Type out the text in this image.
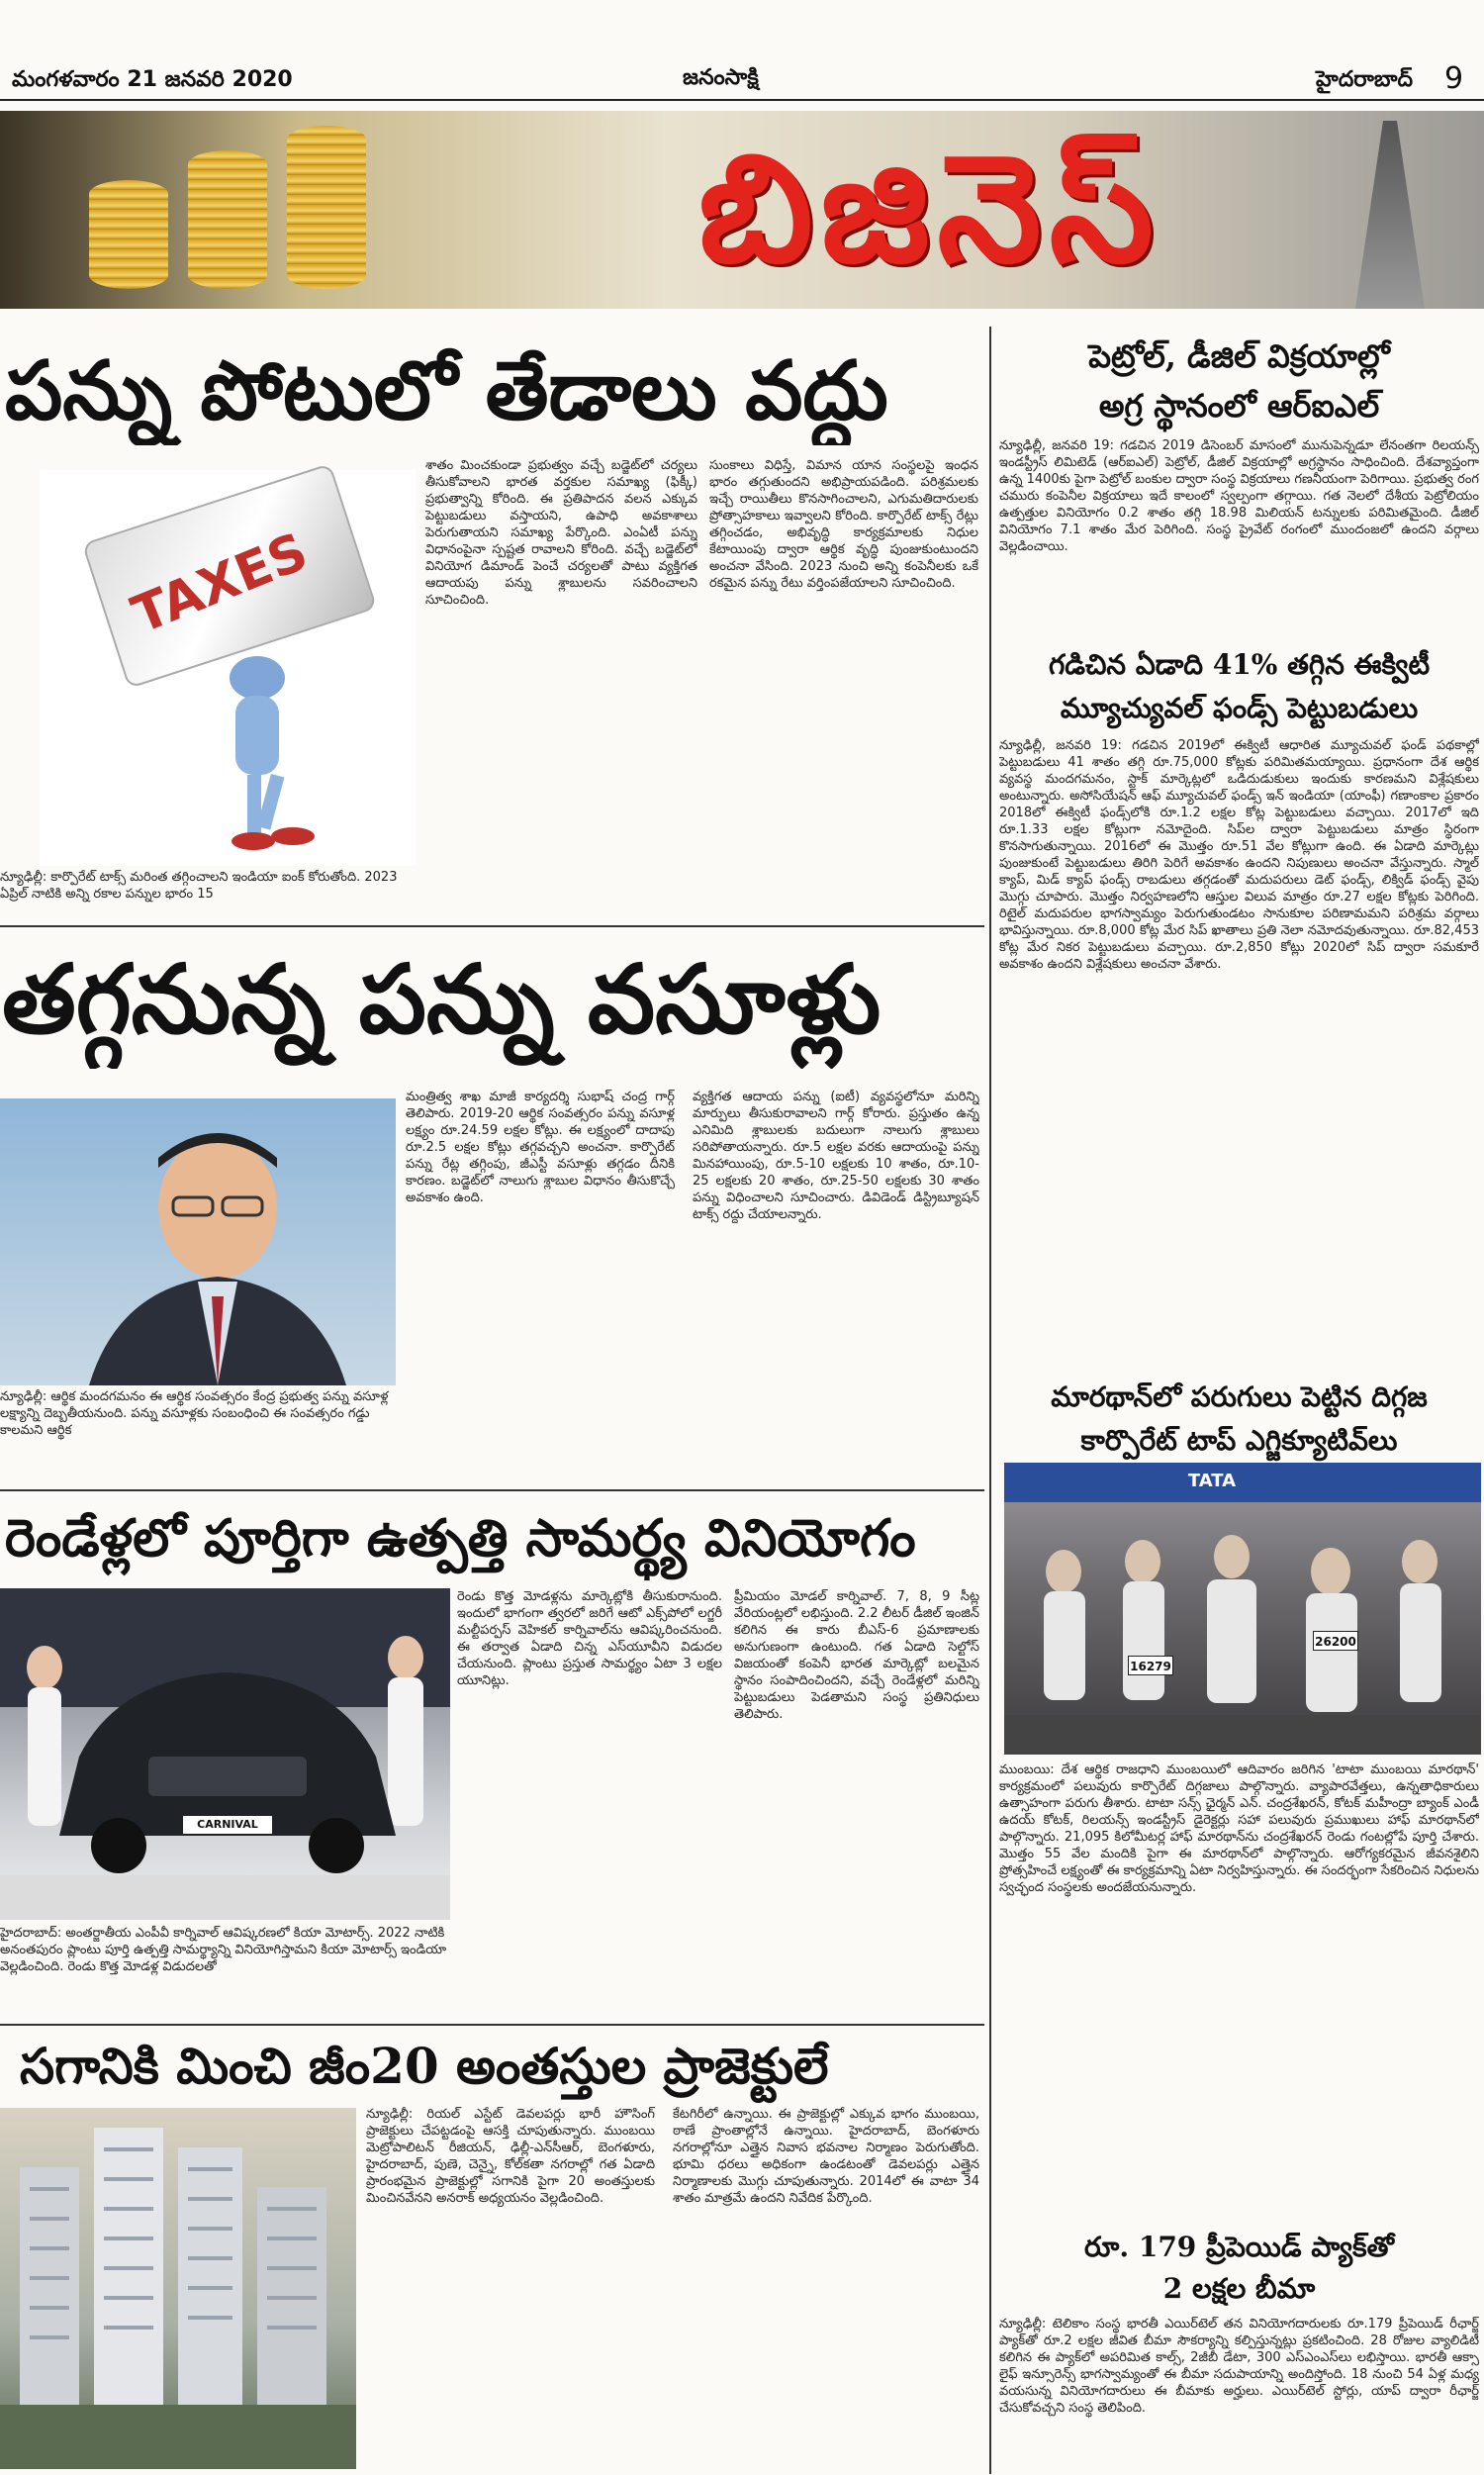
మంగళవారం 21 జనవరి 2020	జనంసాక్షి	హైదరాబాద్ 9
బిజినెస్
పన్ను పోటులో తేడాలు వద్దు
TAXES
న్యూఢిల్లీ: కార్పొరేట్ టాక్స్ మరింత తగ్గించాలని ఇండియా ఐంక్ కోరుతోంది. 2023 ఏప్రిల్ నాటికి అన్ని రకాల పన్నుల భారం 15
శాతం మించకుండా ప్రభుత్వం వచ్చే బడ్జెట్‌లో చర్యలు తీసుకోవాలని భారత వర్తకుల సమాఖ్య (ఫిక్కీ) ప్రభుత్వాన్ని కోరింది. ఈ ప్రతిపాదన వలన ఎక్కువ పెట్టుబడులు వస్తాయని, ఉపాధి అవకాశాలు పెరుగుతాయని సమాఖ్య పేర్కొంది. ఎంఏటీ పన్ను విధానంపైనా స్పష్టత రావాలని కోరింది. వచ్చే బడ్జెట్‌లో వినియోగ డిమాండ్ పెంచే చర్యలతో పాటు వ్యక్తిగత ఆదాయపు పన్ను శ్లాబులను సవరించాలని సూచించింది.
సుంకాలు విధిస్తే, విమాన యాన సంస్థలపై ఇంధన భారం తగ్గుతుందని అభిప్రాయపడింది. పరిశ్రమలకు ఇచ్చే రాయితీలు కొనసాగించాలని, ఎగుమతిదారులకు ప్రోత్సాహకాలు ఇవ్వాలని కోరింది. కార్పొరేట్ టాక్స్ రేట్లు తగ్గించడం, అభివృద్ధి కార్యక్రమాలకు నిధుల కేటాయింపు ద్వారా ఆర్థిక వృద్ధి పుంజుకుంటుందని అంచనా వేసింది. 2023 నుంచి అన్ని కంపెనీలకు ఒకే రకమైన పన్ను రేటు వర్తింపజేయాలని సూచించింది.
తగ్గనున్న పన్ను వసూళ్లు
న్యూఢిల్లీ: ఆర్థిక మందగమనం ఈ ఆర్థిక సంవత్సరం కేంద్ర ప్రభుత్వ పన్ను వసూళ్ల లక్ష్యాన్ని దెబ్బతీయనుంది. పన్ను వసూళ్లకు సంబంధించి ఈ సంవత్సరం గడ్డు కాలమని ఆర్థిక
మంత్రిత్వ శాఖ మాజీ కార్యదర్శి సుభాష్ చంద్ర గార్గ్ తెలిపారు. 2019-20 ఆర్థిక సంవత్సరం పన్ను వసూళ్ల లక్ష్యం రూ.24.59 లక్షల కోట్లు. ఈ లక్ష్యంలో దాదాపు రూ.2.5 లక్షల కోట్లు తగ్గవచ్చని అంచనా. కార్పొరేట్ పన్ను రేట్ల తగ్గింపు, జీఎస్టీ వసూళ్లు తగ్గడం దీనికి కారణం. బడ్జెట్‌లో నాలుగు శ్లాబుల విధానం తీసుకొచ్చే అవకాశం ఉంది.
వ్యక్తిగత ఆదాయ పన్ను (ఐటీ) వ్యవస్థలోనూ మరిన్ని మార్పులు తీసుకురావాలని గార్గ్ కోరారు. ప్రస్తుతం ఉన్న ఎనిమిది శ్లాబులకు బదులుగా నాలుగు శ్లాబులు సరిపోతాయన్నారు. రూ.5 లక్షల వరకు ఆదాయంపై పన్ను మినహాయింపు, రూ.5-10 లక్షలకు 10 శాతం, రూ.10-25 లక్షలకు 20 శాతం, రూ.25-50 లక్షలకు 30 శాతం పన్ను విధించాలని సూచించారు. డివిడెండ్ డిస్ట్రిబ్యూషన్ టాక్స్ రద్దు చేయాలన్నారు.
రెండేళ్లలో పూర్తిగా ఉత్పత్తి సామర్థ్య వినియోగం
CARNIVAL
హైదరాబాద్: అంతర్జాతీయ ఎంపీవీ కార్నివాల్ ఆవిష్కరణలో కియా మోటార్స్. 2022 నాటికి అనంతపురం ప్లాంటు పూర్తి ఉత్పత్తి సామర్థ్యాన్ని వినియోగిస్తామని కియా మోటార్స్ ఇండియా వెల్లడించింది. రెండు కొత్త మోడళ్ల విడుదలతో
రెండు కొత్త మోడళ్లను మార్కెట్లోకి తీసుకురానుంది. ఇందులో భాగంగా త్వరలో జరిగే ఆటో ఎక్స్‌పోలో లగ్జరీ మల్టీపర్పస్ వెహికల్ కార్నివాల్‌ను ఆవిష్కరించనుంది. ఈ తర్వాత ఏడాది చిన్న ఎస్‌యూవీని విడుదల చేయనుంది. ప్లాంటు ప్రస్తుత సామర్థ్యం ఏటా 3 లక్షల యూనిట్లు.
ప్రీమియం మోడల్ కార్నివాల్. 7, 8, 9 సీట్ల వేరియంట్లలో లభిస్తుంది. 2.2 లీటర్ డీజిల్ ఇంజిన్ కలిగిన ఈ కారు బీఎస్-6 ప్రమాణాలకు అనుగుణంగా ఉంటుంది. గత ఏడాది సెల్టోస్ విజయంతో కంపెనీ భారత మార్కెట్లో బలమైన స్థానం సంపాదించిందని, వచ్చే రెండేళ్లలో మరిన్ని పెట్టుబడులు పెడతామని సంస్థ ప్రతినిధులు తెలిపారు.
సగానికి మించి జీం20 అంతస్తుల ప్రాజెక్టులే
న్యూఢిల్లీ: రియల్ ఎస్టేట్ డెవలపర్లు భారీ హౌసింగ్ ప్రాజెక్టులు చేపట్టడంపై ఆసక్తి చూపుతున్నారు. ముంబయి మెట్రోపాలిటన్ రీజియన్, ఢిల్లీ-ఎన్‌సీఆర్, బెంగళూరు, హైదరాబాద్, పుణె, చెన్నై, కోల్‌కతా నగరాల్లో గత ఏడాది ప్రారంభమైన ప్రాజెక్టుల్లో సగానికి పైగా 20 అంతస్తులకు మించినవేనని అనరాక్ అధ్యయనం వెల్లడించింది.
కేటగిరీలో ఉన్నాయి. ఈ ప్రాజెక్టుల్లో ఎక్కువ భాగం ముంబయి, ఠాణే ప్రాంతాల్లోనే ఉన్నాయి. హైదరాబాద్, బెంగళూరు నగరాల్లోనూ ఎత్తైన నివాస భవనాల నిర్మాణం పెరుగుతోంది. భూమి ధరలు అధికంగా ఉండటంతో డెవలపర్లు ఎత్తైన నిర్మాణాలకు మొగ్గు చూపుతున్నారు. 2014లో ఈ వాటా 34 శాతం మాత్రమే ఉందని నివేదిక పేర్కొంది.
పెట్రోల్, డీజిల్ విక్రయాల్లో
అగ్ర స్థానంలో ఆర్ఐఎల్
న్యూఢిల్లీ, జనవరి 19: గడచిన 2019 డిసెంబర్ మాసంలో మునుపెన్నడూ లేనంతగా రిలయన్స్ ఇండస్ట్రీస్ లిమిటెడ్ (ఆర్ఐఎల్) పెట్రోల్, డీజిల్ విక్రయాల్లో అగ్రస్థానం సాధించింది. దేశవ్యాప్తంగా ఉన్న 1400కు పైగా పెట్రోల్ బంకుల ద్వారా సంస్థ విక్రయాలు గణనీయంగా పెరిగాయి. ప్రభుత్వ రంగ చమురు కంపెనీల విక్రయాలు ఇదే కాలంలో స్వల్పంగా తగ్గాయి. గత నెలలో దేశీయ పెట్రోలియం ఉత్పత్తుల వినియోగం 0.2 శాతం తగ్గి 18.98 మిలియన్ టన్నులకు పరిమితమైంది. డీజిల్ వినియోగం 7.1 శాతం మేర పెరిగింది. సంస్థ ప్రైవేట్ రంగంలో ముందంజలో ఉందని వర్గాలు వెల్లడించాయి.
గడిచిన ఏడాది 41% తగ్గిన ఈక్విటీ
మ్యూచ్యువల్ ఫండ్స్ పెట్టుబడులు
న్యూఢిల్లీ, జనవరి 19: గడచిన 2019లో ఈక్విటీ ఆధారిత మ్యూచువల్ ఫండ్ పథకాల్లో పెట్టుబడులు 41 శాతం తగ్గి రూ.75,000 కోట్లకు పరిమితమయ్యాయి. ప్రధానంగా దేశ ఆర్థిక వ్యవస్థ మందగమనం, స్టాక్ మార్కెట్లలో ఒడిదుడుకులు ఇందుకు కారణమని విశ్లేషకులు అంటున్నారు. అసోసియేషన్ ఆఫ్ మ్యూచువల్ ఫండ్స్ ఇన్ ఇండియా (యాంఫీ) గణాంకాల ప్రకారం 2018లో ఈక్విటీ ఫండ్స్‌లోకి రూ.1.2 లక్షల కోట్ల పెట్టుబడులు వచ్చాయి. 2017లో ఇది రూ.1.33 లక్షల కోట్లుగా నమోదైంది. సిప్‌ల ద్వారా పెట్టుబడులు మాత్రం స్థిరంగా కొనసాగుతున్నాయి. 2016లో ఈ మొత్తం రూ.51 వేల కోట్లుగా ఉంది. ఈ ఏడాది మార్కెట్లు పుంజుకుంటే పెట్టుబడులు తిరిగి పెరిగే అవకాశం ఉందని నిపుణులు అంచనా వేస్తున్నారు. స్మాల్ క్యాప్, మిడ్ క్యాప్ ఫండ్స్ రాబడులు తగ్గడంతో మదుపరులు డెట్ ఫండ్స్, లిక్విడ్ ఫండ్స్ వైపు మొగ్గు చూపారు. మొత్తం నిర్వహణలోని ఆస్తుల విలువ మాత్రం రూ.27 లక్షల కోట్లకు పెరిగింది. రిటైల్ మదుపరుల భాగస్వామ్యం పెరుగుతుండటం సానుకూల పరిణామమని పరిశ్రమ వర్గాలు భావిస్తున్నాయి. రూ.8,000 కోట్ల మేర సిప్ ఖాతాలు ప్రతి నెలా నమోదవుతున్నాయి. రూ.82,453 కోట్ల మేర నికర పెట్టుబడులు వచ్చాయి. రూ.2,850 కోట్లు 2020లో సిప్ ద్వారా సమకూరే అవకాశం ఉందని విశ్లేషకులు అంచనా వేశారు.
మారథాన్‌లో పరుగులు పెట్టిన దిగ్గజ
కార్పొరేట్ టాప్ ఎగ్జిక్యూటివ్‌లు
TATA
26200
16279
ముంబయి: దేశ ఆర్థిక రాజధాని ముంబయిలో ఆదివారం జరిగిన 'టాటా ముంబయి మారథాన్' కార్యక్రమంలో పలువురు కార్పొరేట్ దిగ్గజాలు పాల్గొన్నారు. వ్యాపారవేత్తలు, ఉన్నతాధికారులు ఉత్సాహంగా పరుగు తీశారు. టాటా సన్స్ ఛైర్మన్ ఎన్. చంద్రశేఖరన్, కోటక్ మహీంద్రా బ్యాంక్ ఎండీ ఉదయ్ కోటక్, రిలయన్స్ ఇండస్ట్రీస్ డైరెక్టర్లు సహా పలువురు ప్రముఖులు హాఫ్ మారథాన్‌లో పాల్గొన్నారు. 21,095 కిలోమీటర్ల హాఫ్ మారథాన్‌ను చంద్రశేఖరన్ రెండు గంటల్లోపే పూర్తి చేశారు. మొత్తం 55 వేల మందికి పైగా ఈ మారథాన్‌లో పాల్గొన్నారు. ఆరోగ్యకరమైన జీవనశైలిని ప్రోత్సహించే లక్ష్యంతో ఈ కార్యక్రమాన్ని ఏటా నిర్వహిస్తున్నారు. ఈ సందర్భంగా సేకరించిన నిధులను స్వచ్ఛంద సంస్థలకు అందజేయనున్నారు.
రూ. 179 ప్రీపెయిడ్ ప్యాక్‌తో
2 లక్షల బీమా
న్యూఢిల్లీ: టెలికాం సంస్థ భారతీ ఎయిర్‌టెల్ తన వినియోగదారులకు రూ.179 ప్రీపెయిడ్ రీఛార్జ్ ప్యాక్‌తో రూ.2 లక్షల జీవిత బీమా సౌకర్యాన్ని కల్పిస్తున్నట్లు ప్రకటించింది. 28 రోజుల వ్యాలిడిటీ కలిగిన ఈ ప్యాక్‌లో అపరిమిత కాల్స్, 2జీబీ డేటా, 300 ఎస్ఎంఎస్‌లు లభిస్తాయి. భారతీ ఆక్సా లైఫ్ ఇన్సూరెన్స్ భాగస్వామ్యంతో ఈ బీమా సదుపాయాన్ని అందిస్తోంది. 18 నుంచి 54 ఏళ్ల మధ్య వయసున్న వినియోగదారులు ఈ బీమాకు అర్హులు. ఎయిర్‌టెల్ స్టోర్లు, యాప్ ద్వారా రీఛార్జ్ చేసుకోవచ్చని సంస్థ తెలిపింది.
